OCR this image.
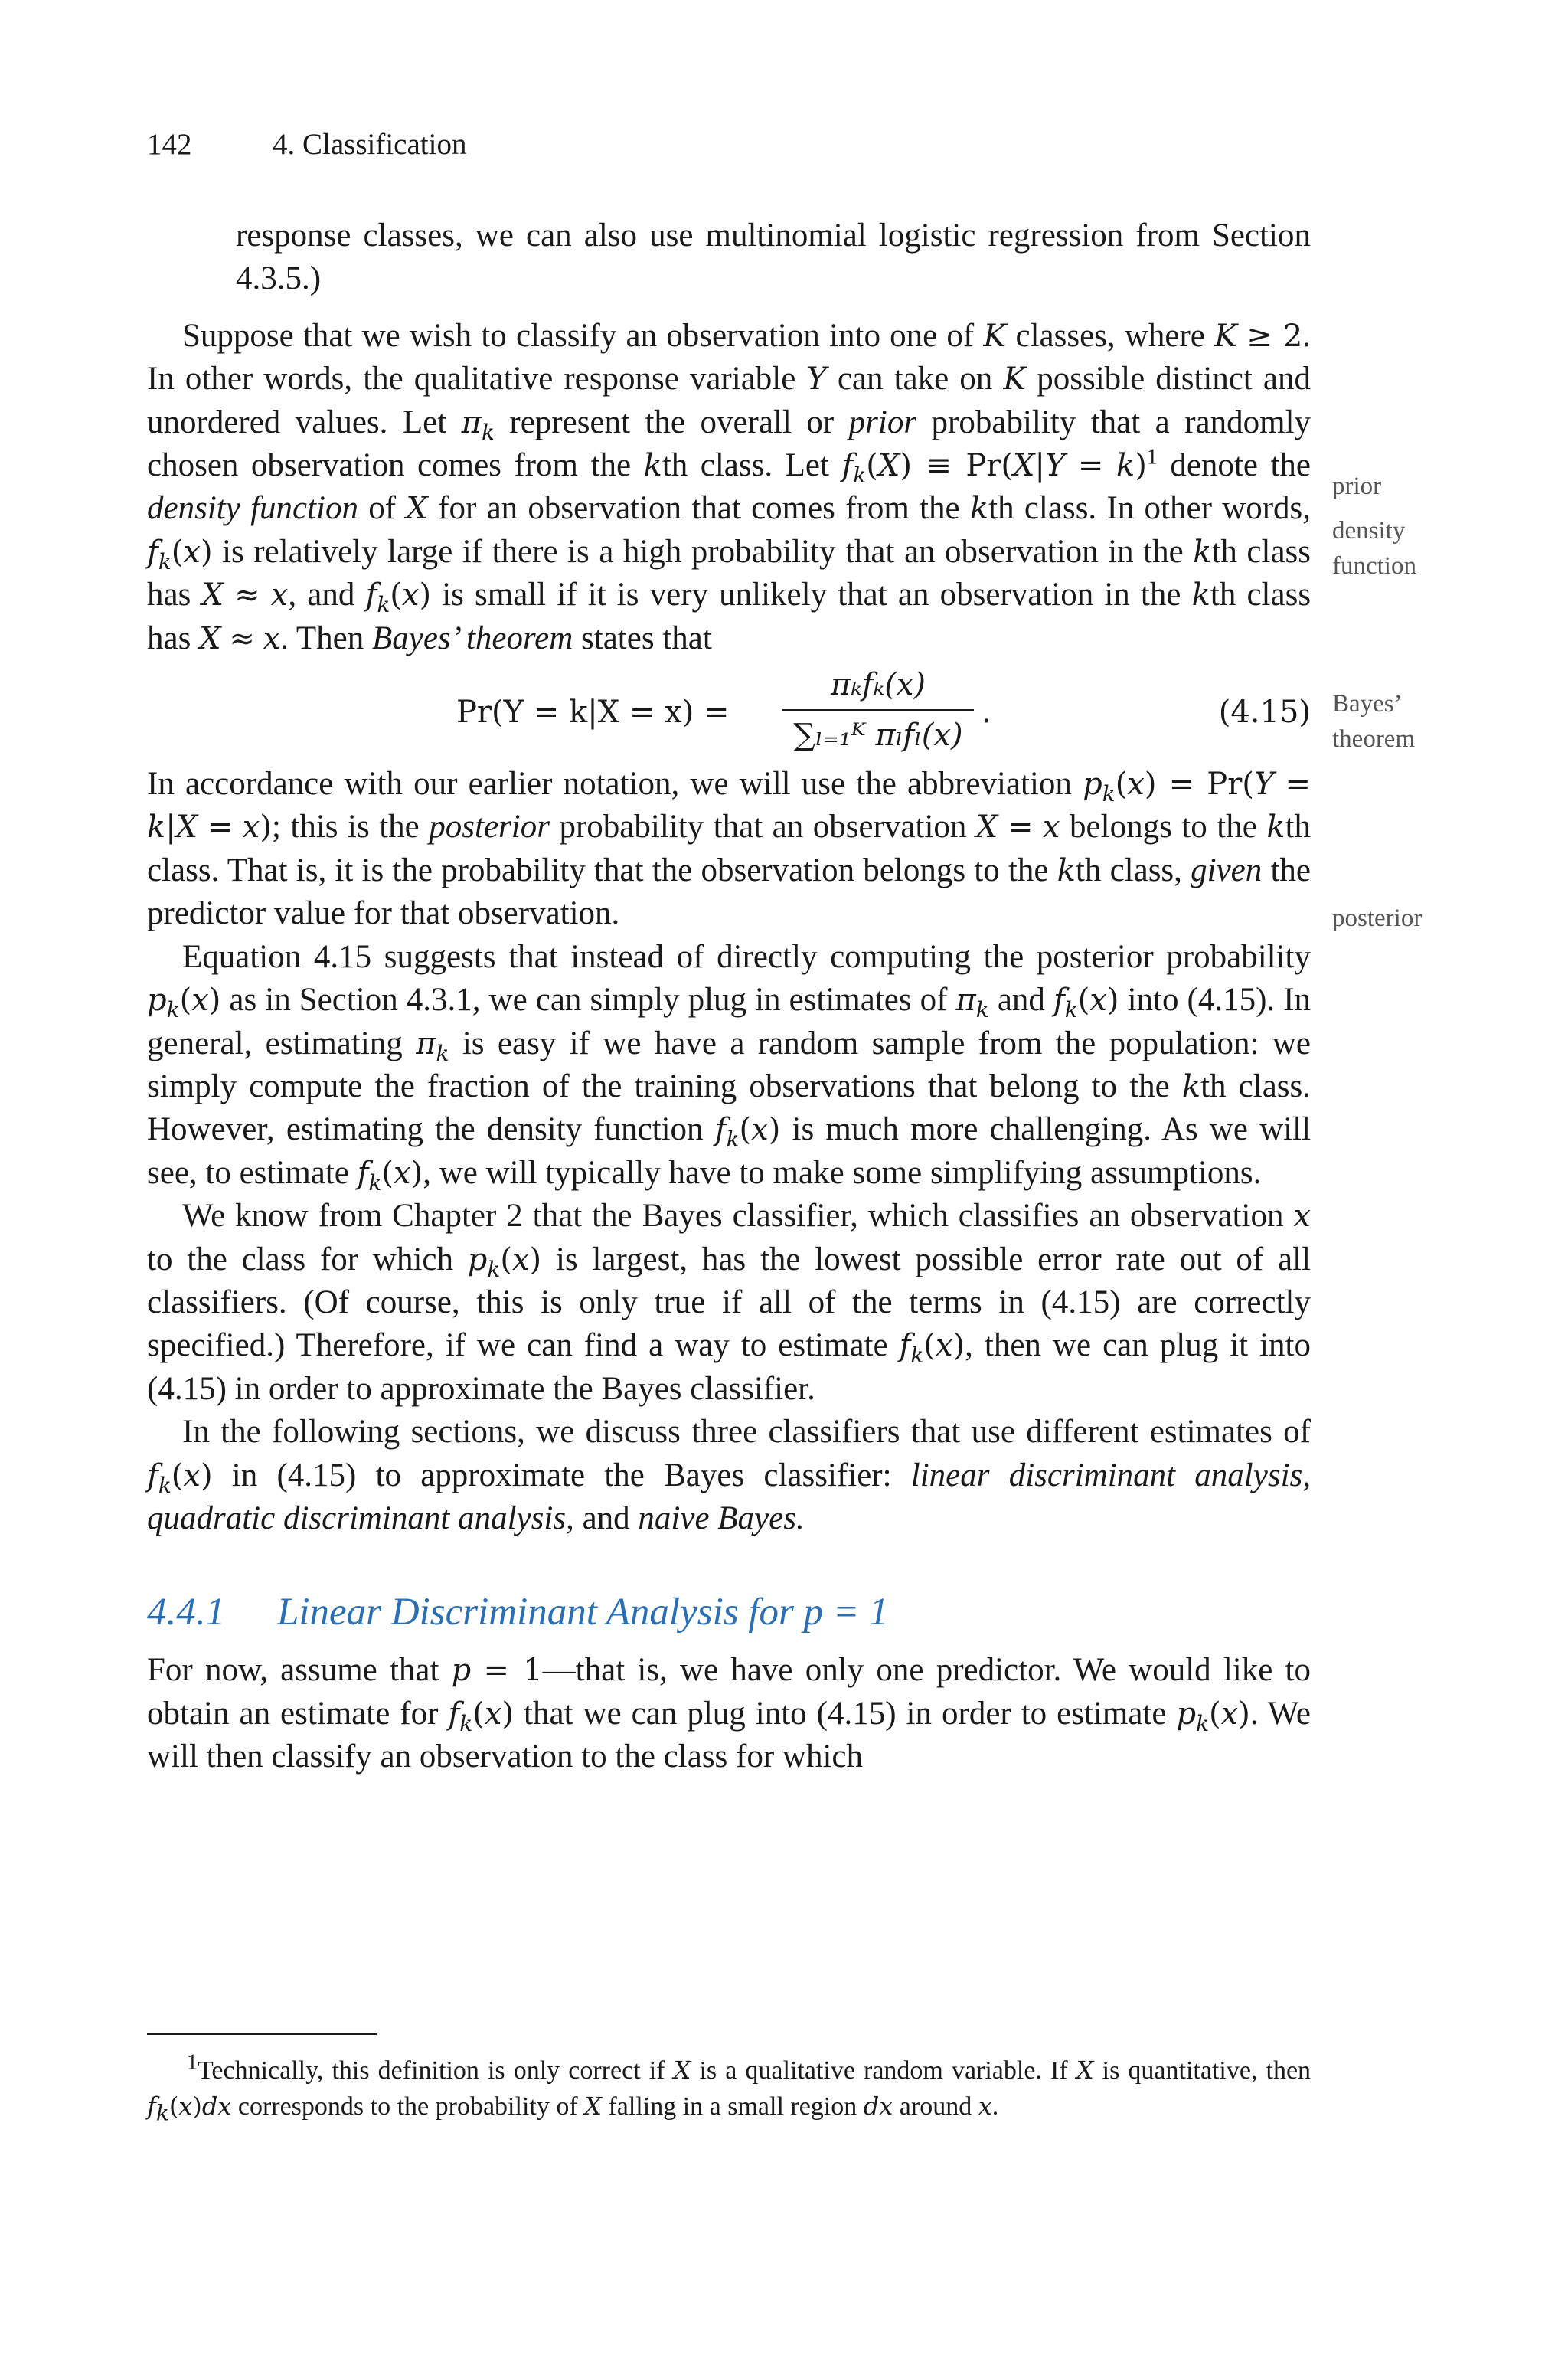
142	4. Classification

response classes, we can also use multinomial logistic regression from Section 4.3.5.)

Suppose that we wish to classify an observation into one of K classes, where K ≥ 2. In other words, the qualitative response variable Y can take on K possible distinct and unordered values. Let $\pi_k$ represent the overall or prior probability that a randomly chosen observation comes from the kth class. Let $f_k(X) \equiv Pr(X|Y = k)^1$ denote the density function of X for an observation that comes from the kth class. In other words, $f_k(x)$ is relatively large if there is a high probability that an observation in the kth class has X ≈ x, and $f_k(x)$ is small if it is very unlikely that an observation in the kth class has X ≈ x. Then Bayes’ theorem states that

Pr(Y = k|X = x) =
πₖfₖ(x)
∑ₗ₌₁ᴷ πₗfₗ(x)
.	(4.15)

In accordance with our earlier notation, we will use the abbreviation $p_k(x) = Pr(Y = k|X = x)$; this is the posterior probability that an observation X = x belongs to the kth class. That is, it is the probability that the observation belongs to the kth class, given the predictor value for that observation.

Equation 4.15 suggests that instead of directly computing the posterior probability $p_k(x)$ as in Section 4.3.1, we can simply plug in estimates of $\pi_k$ and $f_k(x)$ into (4.15). In general, estimating $\pi_k$ is easy if we have a random sample from the population: we simply compute the fraction of the training observations that belong to the kth class. However, estimating the density function $f_k(x)$ is much more challenging. As we will see, to estimate $f_k(x)$, we will typically have to make some simplifying assumptions.

We know from Chapter 2 that the Bayes classifier, which classifies an observation x to the class for which $p_k(x)$ is largest, has the lowest possible error rate out of all classifiers. (Of course, this is only true if all of the terms in (4.15) are correctly specified.) Therefore, if we can find a way to estimate $f_k(x)$, then we can plug it into (4.15) in order to approximate the Bayes classifier.

In the following sections, we discuss three classifiers that use different estimates of $f_k(x)$ in (4.15) to approximate the Bayes classifier: linear discriminant analysis, quadratic discriminant analysis, and naive Bayes.

4.4.1 Linear Discriminant Analysis for p = 1

For now, assume that p = 1—that is, we have only one predictor. We would like to obtain an estimate for $f_k(x)$ that we can plug into (4.15) in order to estimate $p_k(x)$. We will then classify an observation to the class for which

$^1$Technically, this definition is only correct if X is a qualitative random variable. If X is quantitative, then $f_k(x)dx$ corresponds to the probability of X falling in a small region dx around x.
prior
density function
Bayes’ theorem
posterior
